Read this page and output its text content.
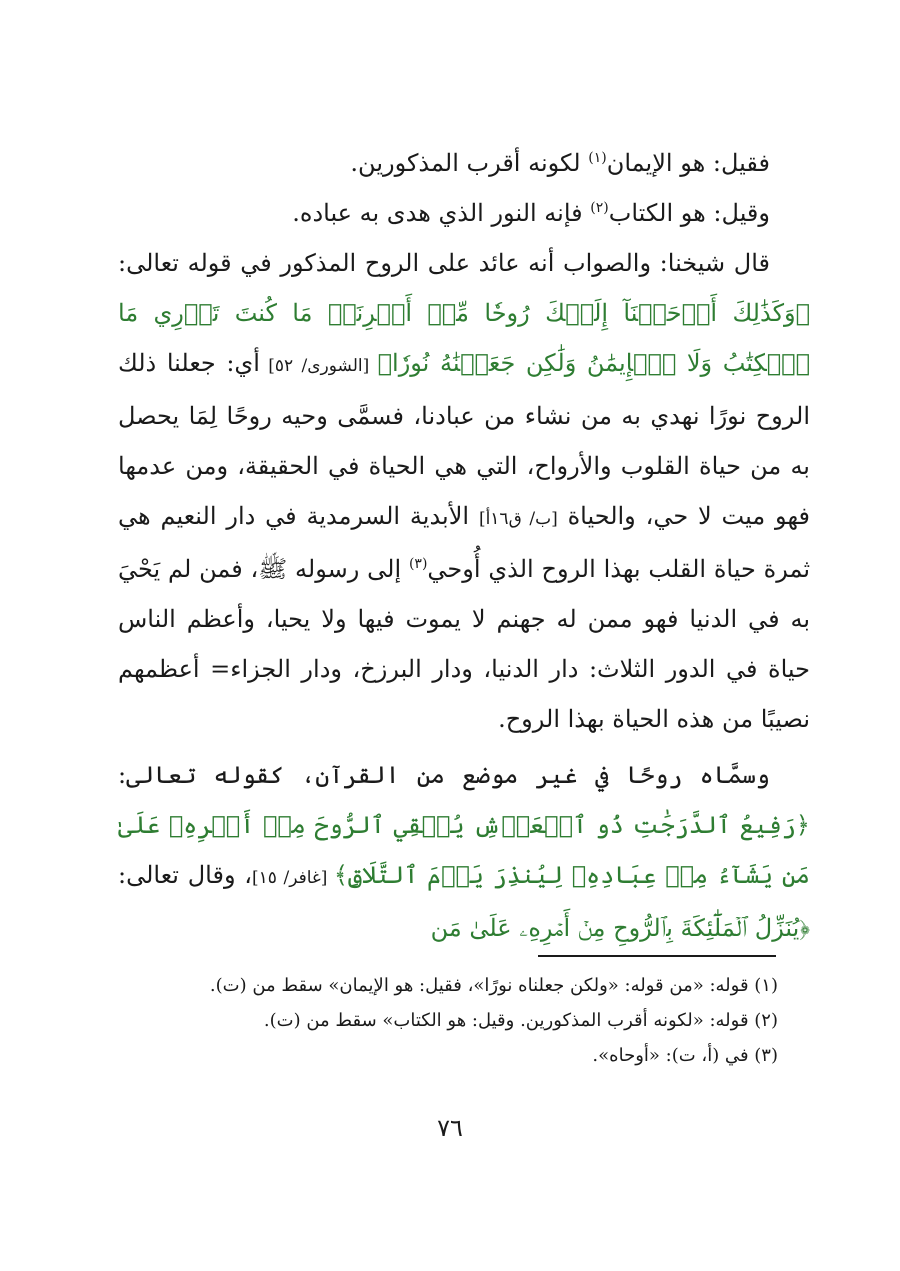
فقيل: هو الإيمان$^{(١)}$ لكونه أقرب المذكورين.

وقيل: هو الكتاب$^{(٢)}$ فإنه النور الذي هدى به عباده.

قال شيخنا: والصواب أنه عائد على الروح المذكور في قوله تعالى: ﴿وَكَذَٰلِكَ أَوۡحَيۡنَآ إِلَيۡكَ رُوحٗا مِّنۡ أَمۡرِنَاۚ مَا كُنتَ تَدۡرِي مَا ٱلۡكِتَٰبُ وَلَا ٱلۡإِيمَٰنُ وَلَٰكِن جَعَلۡنَٰهُ نُورٗا﴾ [الشورى/ ٥٢] أي: جعلنا ذلك الروح نورًا نهدي به من نشاء من عبادنا، فسمَّى وحيه روحًا لِمَا يحصل به من حياة القلوب والأرواح، التي هي الحياة في الحقيقة، ومن عدمها فهو ميت لا حي، والحياة [ب/ ق١٦أ] الأبدية السرمدية في دار النعيم هي ثمرة حياة القلب بهذا الروح الذي أُوحي$^{(٣)}$ إلى رسوله ﷺ، فمن لم يَحْيَ به في الدنيا فهو ممن له جهنم لا يموت فيها ولا يحيا، وأعظم الناس حياة في الدور الثلاث: دار الدنيا، ودار البرزخ، ودار الجزاء= أعظمهم نصيبًا من هذه الحياة بهذا الروح.

وسمَّاه روحًا في غير موضع من القرآن، كقوله تعالى: ﴿رَفِيعُ ٱلدَّرَجَٰتِ ذُو ٱلۡعَرۡشِ يُلۡقِي ٱلرُّوحَ مِنۡ أَمۡرِهِۦ عَلَىٰ مَن يَشَآءُ مِنۡ عِبَادِهِۦ لِيُنذِرَ يَوۡمَ ٱلتَّلَاقِ﴾ [غافر/ ١٥]، وقال تعالى: ﴿يُنَزِّلُ ٱلۡمَلَٰٓئِكَةَ بِٱلرُّوحِ مِنۡ أَمۡرِهِۦ عَلَىٰ مَن

(١) قوله: «من قوله: «ولكن جعلناه نورًا»، فقيل: هو الإيمان» سقط من (ت).
(٢) قوله: «لكونه أقرب المذكورين. وقيل: هو الكتاب» سقط من (ت).
(٣) في (أ، ت): «أوحاه».
٧٦
